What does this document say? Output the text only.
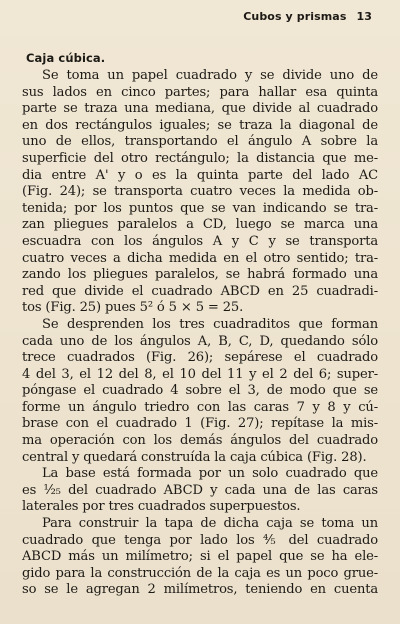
Cubos y prismas 13
Caja cúbica.
Se toma un papel cuadrado y se divide uno de
sus lados en cinco partes; para hallar esa quinta
parte se traza una mediana, que divide al cuadrado
en dos rectángulos iguales; se traza la diagonal de
uno de ellos, transportando el ángulo A sobre la
superficie del otro rectángulo; la distancia que me-
dia entre A' y o es la quinta parte del lado AC
(Fig. 24); se transporta cuatro veces la medida ob-
tenida; por los puntos que se van indicando se tra-
zan pliegues paralelos a CD, luego se marca una
escuadra con los ángulos A y C y se transporta
cuatro veces a dicha medida en el otro sentido; tra-
zando los pliegues paralelos, se habrá formado una
red que divide el cuadrado ABCD en 25 cuadradi-
tos (Fig. 25) pues 5² ó 5 × 5 = 25.
Se desprenden los tres cuadraditos que forman
cada uno de los ángulos A, B, C, D, quedando sólo
trece cuadrados (Fig. 26); sepárese el cuadrado
4 del 3, el 12 del 8, el 10 del 11 y el 2 del 6; super-
póngase el cuadrado 4 sobre el 3, de modo que se
forme un ángulo triedro con las caras 7 y 8 y cú-
brase con el cuadrado 1 (Fig. 27); repítase la mis-
ma operación con los demás ángulos del cuadrado
central y quedará construída la caja cúbica (Fig. 28).
La base está formada por un solo cuadrado que
es ¹⁄₂₅ del cuadrado ABCD y cada una de las caras
laterales por tres cuadrados superpuestos.
Para construir la tapa de dicha caja se toma un
cuadrado que tenga por lado los ⅘ del cuadrado
ABCD más un milímetro; si el papel que se ha ele-
gido para la construcción de la caja es un poco grue-
so se le agregan 2 milímetros, teniendo en cuenta
